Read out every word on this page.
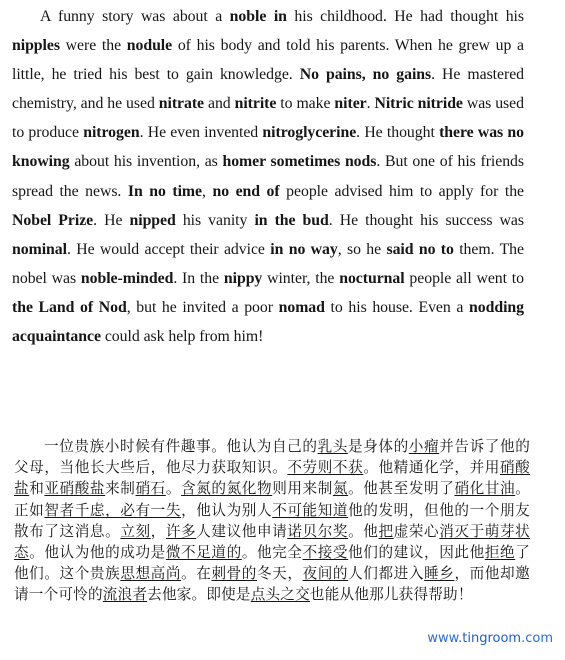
A funny story was about a noble in his childhood. He had thought his nipples were the nodule of his body and told his parents. When he grew up a little, he tried his best to gain knowledge. No pains, no gains. He mastered chemistry, and he used nitrate and nitrite to make niter. Nitric nitride was used to produce nitrogen. He even invented nitroglycerine. He thought there was no knowing about his invention, as homer sometimes nods. But one of his friends spread the news. In no time, no end of people advised him to apply for the Nobel Prize. He nipped his vanity in the bud. He thought his success was nominal. He would accept their advice in no way, so he said no to them. The nobel was noble-minded. In the nippy winter, the nocturnal people all went to the Land of Nod, but he invited a poor nomad to his house. Even a nodding acquaintance could ask help from him!
一位贵族小时候有件趣事。他认为自己的乳头是身体的小瘤并告诉了他的父母，当他长大些后，他尽力获取知识。不劳则不获。他精通化学，并用硝酸盐和亚硝酸盐来制硝石。含氮的氮化物则用来制氮。他甚至发明了硝化甘油。正如智者千虑，必有一失，他认为别人不可能知道他的发明，但他的一个朋友散布了这消息。立刻，许多人建议他申请诺贝尔奖。他把虚荣心消灭于萌芽状态。他认为他的成功是微不足道的。他完全不接受他们的建议，因此他拒绝了他们。这个贵族思想高尚。在刺骨的冬天，夜间的人们都进入睡乡，而他却邀请一个可怜的流浪者去他家。即使是点头之交也能从他那儿获得帮助！
www.tingroom.com
